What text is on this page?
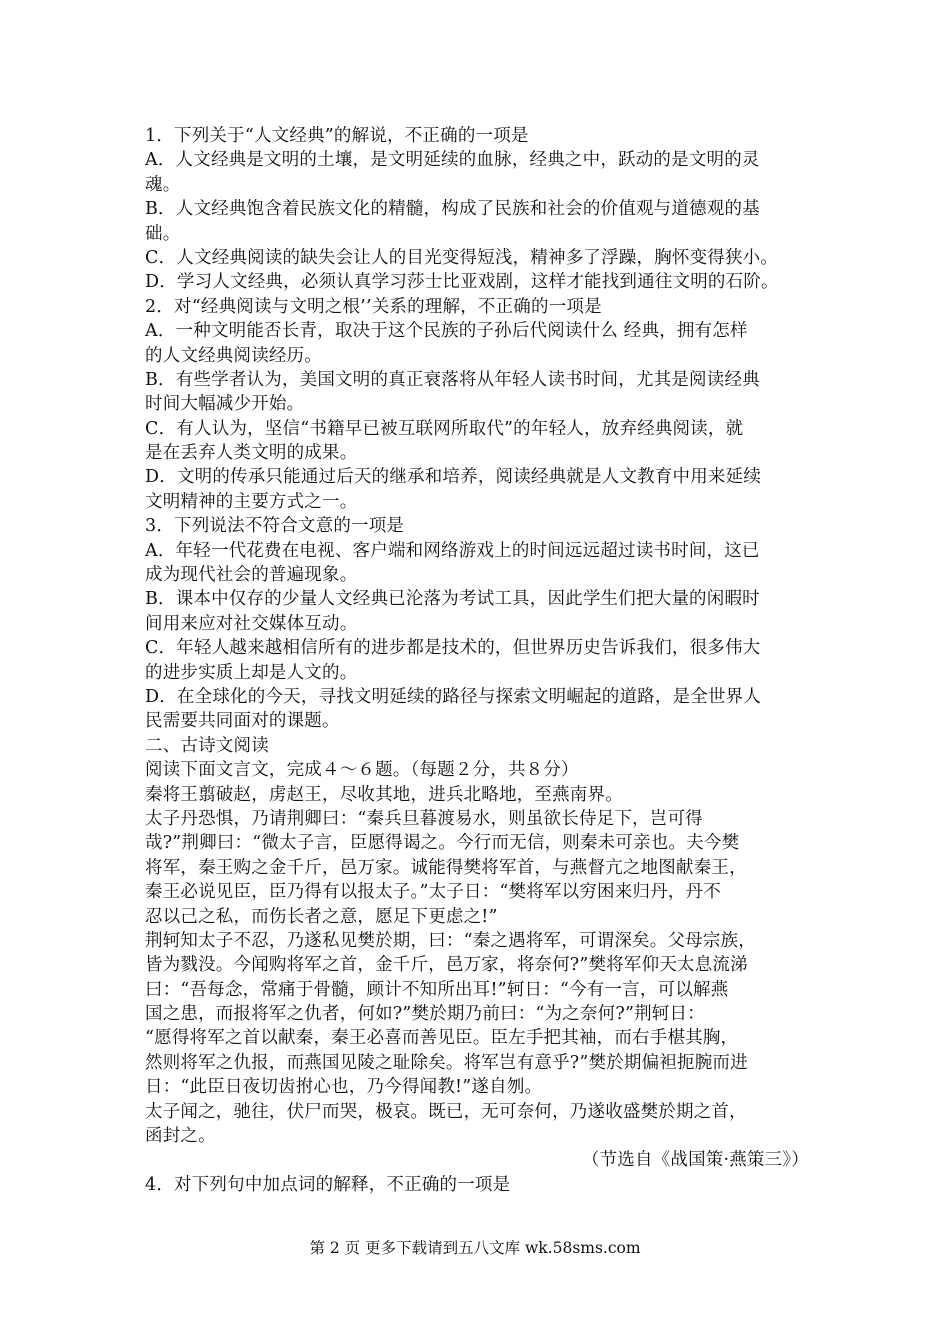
1．下列关于“人文经典”的解说，不正确的一项是
A．人文经典是文明的土壤，是文明延续的血脉，经典之中，跃动的是文明的灵
魂。
B．人文经典饱含着民族文化的精髓，构成了民族和社会的价值观与道德观的基
础。
C．人文经典阅读的缺失会让人的目光变得短浅，精神多了浮躁，胸怀变得狭小。
D．学习人文经典，必须认真学习莎士比亚戏剧，这样才能找到通往文明的石阶。
2．对“经典阅读与文明之根’’关系的理解，不正确的一项是
A．一种文明能否长青，取决于这个民族的子孙后代阅读什么 经典，拥有怎样
的人文经典阅读经历。
B．有些学者认为，美国文明的真正衰落将从年轻人读书时间，尤其是阅读经典
时间大幅减少开始。
C．有人认为，坚信“书籍早已被互联网所取代”的年轻人，放弃经典阅读，就
是在丢弃人类文明的成果。
D．文明的传承只能通过后天的继承和培养，阅读经典就是人文教育中用来延续
文明精神的主要方式之一。
3．下列说法不符合文意的一项是
A．年轻一代花费在电视、客户端和网络游戏上的时间远远超过读书时间，这已
成为现代社会的普遍现象。
B．课本中仅存的少量人文经典已沦落为考试工具，因此学生们把大量的闲暇时
间用来应对社交媒体互动。
C．年轻人越来越相信所有的进步都是技术的，但世界历史告诉我们，很多伟大
的进步实质上却是人文的。
D．在全球化的今天，寻找文明延续的路径与探索文明崛起的道路，是全世界人
民需要共同面对的课题。
二、古诗文阅读
阅读下面文言文，完成４～６题。（每题２分，共８分）
秦将王翦破赵，虏赵王，尽收其地，进兵北略地，至燕南界。
太子丹恐惧，乃请荆卿曰：“秦兵旦暮渡易水，则虽欲长侍足下，岂可得
哉?”荆卿曰：“微太子言，臣愿得谒之。今行而无信，则秦未可亲也。夫今樊
将军，秦王购之金千斤，邑万家。诚能得樊将军首，与燕督亢之地图献秦王，
秦王必说见臣，臣乃得有以报太子。”太子日：“樊将军以穷困来归丹，丹不
忍以己之私，而伤长者之意，愿足下更虑之!”
荆轲知太子不忍，乃遂私见樊於期，曰：“秦之遇将军，可谓深矣。父母宗族，
皆为戮没。今闻购将军之首，金千斤，邑万家，将奈何?”樊将军仰天太息流涕
曰：“吾每念，常痛于骨髓，顾计不知所出耳!”轲日：“今有一言，可以解燕
国之患，而报将军之仇者，何如?”樊於期乃前曰：“为之奈何?”荆轲日：
“愿得将军之首以献秦，秦王必喜而善见臣。臣左手把其袖，而右手椹其胸，
然则将军之仇报，而燕国见陵之耻除矣。将军岂有意乎?”樊於期偏袒扼腕而进
日：“此臣日夜切齿拊心也，乃今得闻教!”遂自刎。
太子闻之，驰往，伏尸而哭，极哀。既已，无可奈何，乃遂收盛樊於期之首，
函封之。
（节选自《战国策·燕策三》）
4．对下列句中加点词的解释，不正确的一项是
第 2 页 更多下载请到五八文库 wk.58sms.com
